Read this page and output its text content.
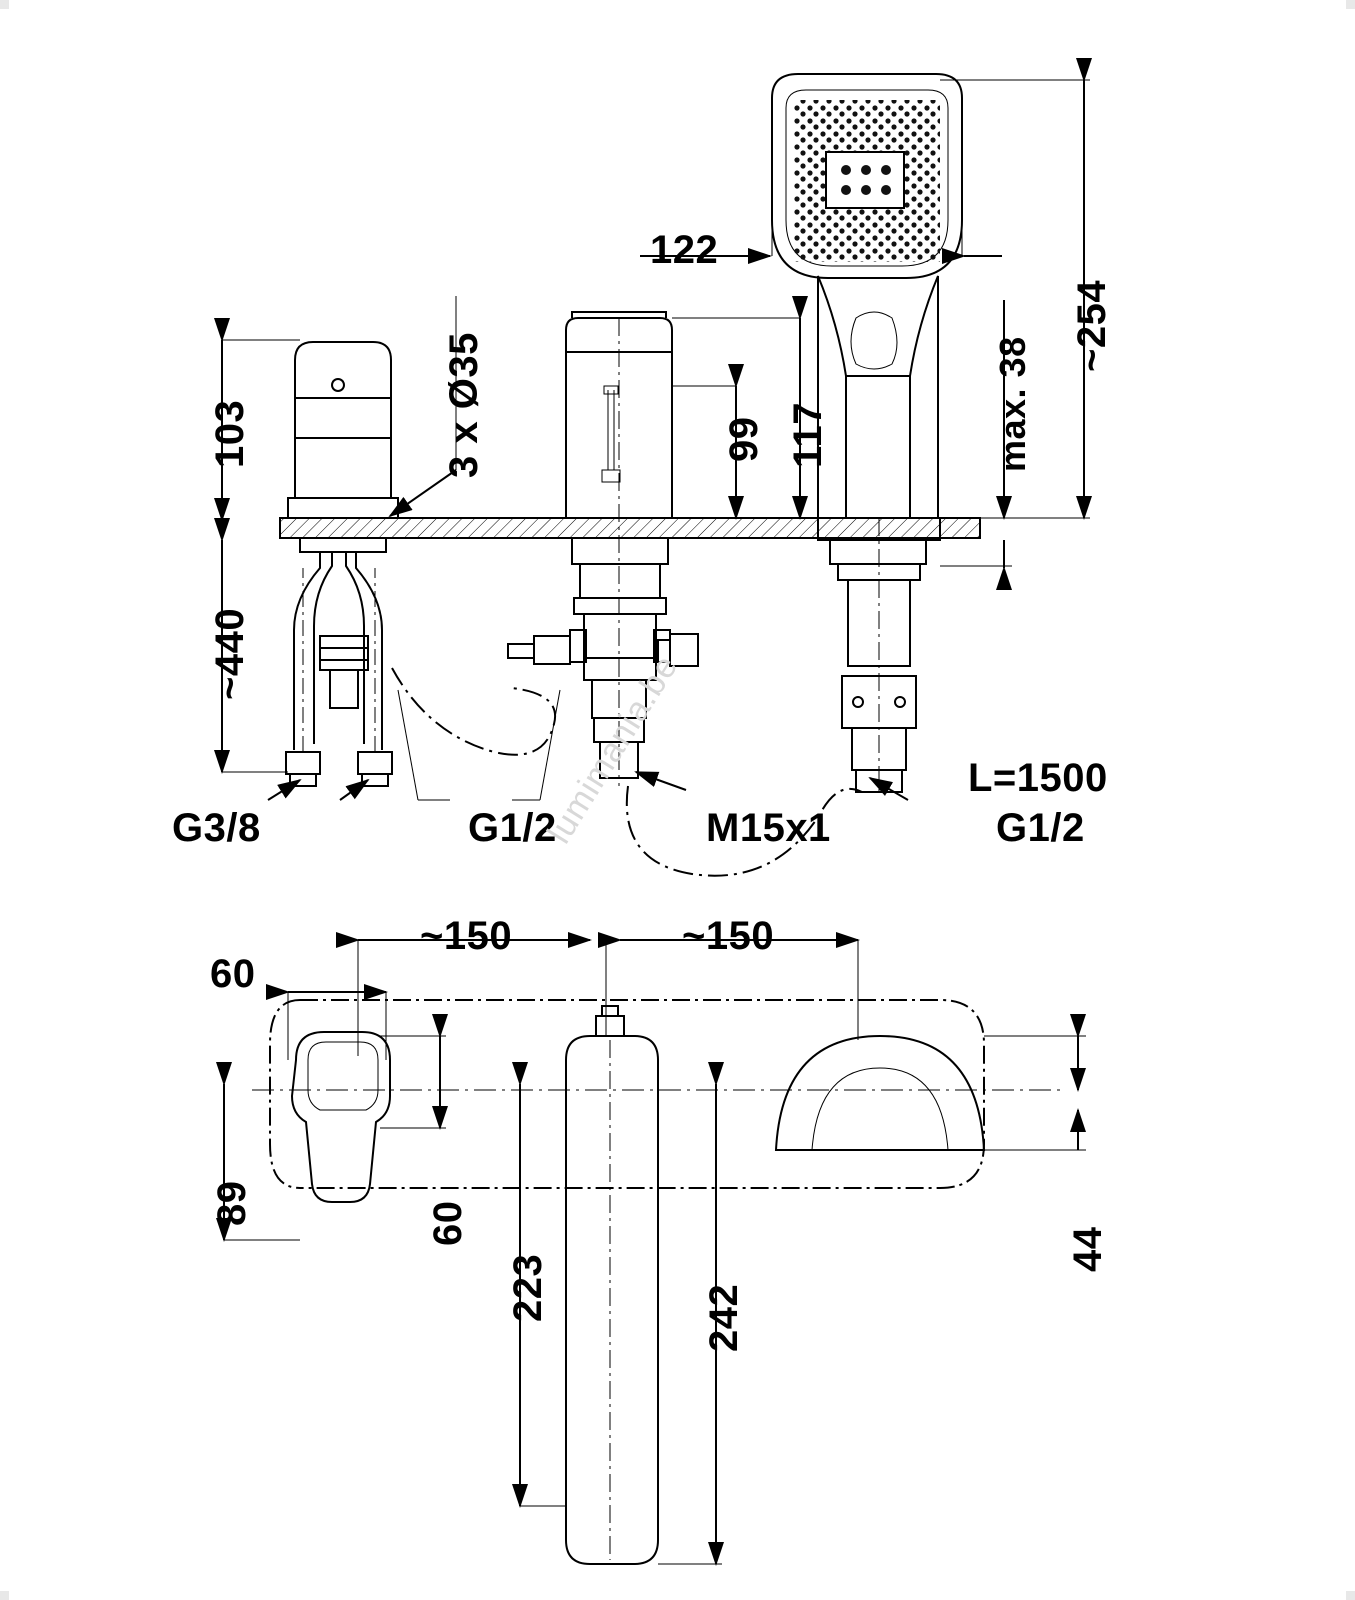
103	3 x Ø35	99 117
122
~254
max. 38
~440
G3/8	G1/2	M15x1
L=1500
G1/2
~150	~150
60
89	60
223	242
44
lumimania.be
